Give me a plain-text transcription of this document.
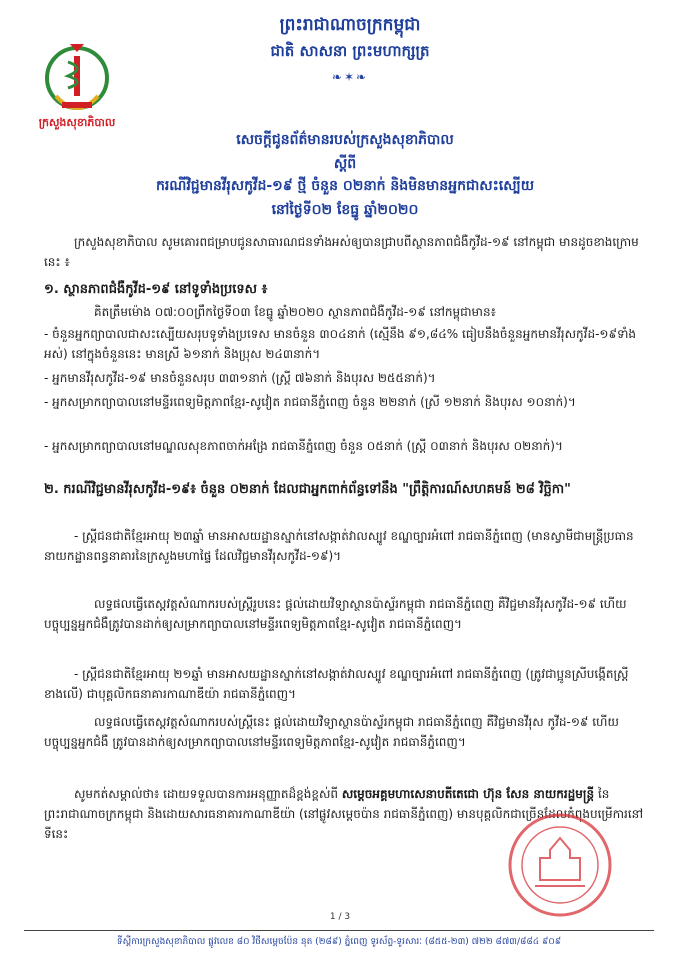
ក្រសួងសុខាភិបាល
ព្រះរាជាណាចក្រកម្ពុជា
ជាតិ សាសនា ព្រះមហាក្សត្រ
❧✶❧
សេចក្តីជូនព័ត៌មានរបស់ក្រសួងសុខាភិបាល
ស្តីពី
ករណីវិជ្ជមានវីរុសកូវីដ-១៩ ថ្មី ចំនួន ០២នាក់ និងមិនមានអ្នកជាសះស្បើយ
នៅថ្ងៃទី០២ ខែធ្នូ ឆ្នាំ២០២០
ក្រសួងសុខាភិបាល សូមគោរពជម្រាបជូនសាធារណជនទាំងអស់ឲ្យបានជ្រាបពីស្ថានភាពជំងឺកូវីដ-១៩ នៅកម្ពុជា មានដូចខាងក្រោមនេះ ៖
១. ស្ថានភាពជំងឺកូវីដ-១៩ នៅទូទាំងប្រទេស ៖
គិតត្រឹមម៉ោង ០៧:០០ព្រឹកថ្ងៃទី០៣ ខែធ្នូ ឆ្នាំ២០២០ ស្ថានភាពជំងឺកូវីដ-១៩ នៅកម្ពុជាមាន៖
- ចំនួនអ្នកព្យាបាលជាសះស្បើយសរុបទូទាំងប្រទេស មានចំនួន ៣០៤នាក់ (ស្មើនឹង ៩១,៨៤% ធៀបនឹងចំនួនអ្នកមានវីរុសកូវីដ-១៩ទាំងអស់) នៅក្នុងចំនួននេះ មានស្រី ៦១នាក់ និងប្រុស ២៤៣នាក់។
- អ្នកមានវីរុសកូវីដ-១៩ មានចំនួនសរុប ៣៣១នាក់ (ស្ត្រី ៧៦នាក់ និងបុរស ២៥៥នាក់)។
- អ្នកសម្រាកព្យាបាលនៅមន្ទីរពេទ្យមិត្តភាពខ្មែរ-សូវៀត រាជធានីភ្នំពេញ ចំនួន ២២នាក់ (ស្រី ១២នាក់ និងបុរស ១០នាក់)។
- អ្នកសម្រាកព្យាបាលនៅមណ្ឌលសុខភាពចាក់អង្រែ រាជធានីភ្នំពេញ ចំនួន ០៥នាក់ (ស្ត្រី ០៣នាក់ និងបុរស ០២នាក់)។
២. ករណីវិជ្ជមានវីរុសកូវីដ-១៩៖ ចំនួន ០២នាក់ ដែលជាអ្នកពាក់ព័ន្ធទៅនឹង "ព្រឹត្តិការណ៍សហគមន៍ ២៨ វិច្ឆិកា"
- ស្ត្រីជនជាតិខ្មែរអាយុ ២៣ឆ្នាំ មានអាសយដ្ឋានស្នាក់នៅសង្កាត់វាលស្បូវ ខណ្ឌច្បារអំពៅ រាជធានីភ្នំពេញ (មានស្វាមីជាមន្ត្រីប្រធាននាយកដ្ឋានពន្ធនាគារនៃក្រសួងមហាផ្ទៃ ដែលវិជ្ជមានវីរុសកូវីដ-១៩)។
លទ្ធផលធ្វើតេស្តវត្តសំណាករបស់ស្ត្រីរូបនេះ ផ្តល់ដោយវិទ្យាស្ថានប៉ាស្ទ័រកម្ពុជា រាជធានីភ្នំពេញ គឺវិជ្ជមានវីរុសកូវីដ-១៩ ហើយបច្ចុប្បន្នអ្នកជំងឺត្រូវបានដាក់ឲ្យសម្រាកព្យាបាលនៅមន្ទីរពេទ្យមិត្តភាពខ្មែរ-សូវៀត រាជធានីភ្នំពេញ។
- ស្ត្រីជនជាតិខ្មែរអាយុ ២១ឆ្នាំ មានអាសយដ្ឋានស្នាក់នៅសង្កាត់វាលស្បូវ ខណ្ឌច្បារអំពៅ រាជធានីភ្នំពេញ (ត្រូវជាប្អូនស្រីបង្កើតស្ត្រីខាងលើ) ជាបុគ្គលិកធនាគារកាណាឌីយ៉ា រាជធានីភ្នំពេញ។
លទ្ធផលធ្វើតេស្តវត្តសំណាករបស់ស្ត្រីនេះ ផ្តល់ដោយវិទ្យាស្ថានប៉ាស្ទ័រកម្ពុជា រាជធានីភ្នំពេញ គឺវិជ្ជមានវីរុស កូវីដ-១៩ ហើយបច្ចុប្បន្នអ្នកជំងឺ ត្រូវបានដាក់ឲ្យសម្រាកព្យាបាលនៅមន្ទីរពេទ្យមិត្តភាពខ្មែរ-សូវៀត រាជធានីភ្នំពេញ។
សូមកត់សម្គាល់ថា៖ ដោយទទួលបានការអនុញ្ញាតដ៏ខ្ពង់ខ្ពស់ពី សម្តេចអគ្គមហាសេនាបតីតេជោ ហ៊ុន សែន នាយករដ្ឋមន្ត្រី នៃព្រះរាជាណាចក្រកម្ពុជា និងដោយសារធនាគារកាណាឌីយ៉ា (នៅផ្លូវសម្តេចប៉ាន រាជធានីភ្នំពេញ) មានបុគ្គលិកជាច្រើនដែលកំពុងបម្រើការនៅទីនេះ
1 / 3
ទីស្តីការក្រសួងសុខាភិបាល ផ្លូវលេខ ៨០ វិថីសម្តេចប៉ែន នុត (២៨៩) ភ្នំពេញ ទូរស័ព្ទ-ទូរសារៈ (៨៥៥-២៣) ៧២២ ៨៧៣/៨៨៤ ៩០៩
